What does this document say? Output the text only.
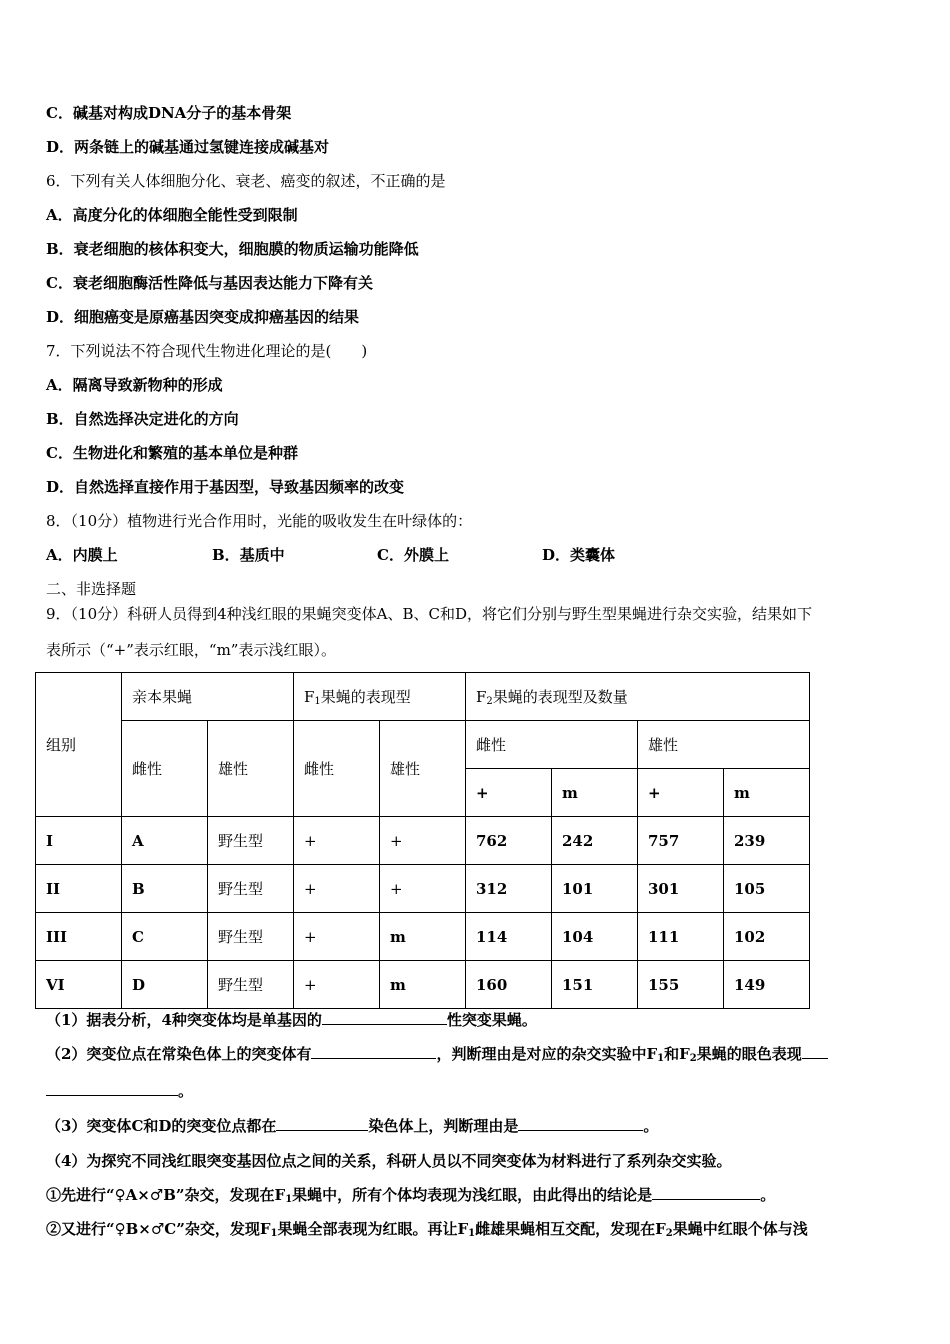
C．碱基对构成DNA分子的基本骨架
D．两条链上的碱基通过氢键连接成碱基对
6．下列有关人体细胞分化、衰老、癌变的叙述，不正确的是
A．高度分化的体细胞全能性受到限制
B．衰老细胞的核体积变大，细胞膜的物质运输功能降低
C．衰老细胞酶活性降低与基因表达能力下降有关
D．细胞癌变是原癌基因突变成抑癌基因的结果
7．下列说法不符合现代生物进化理论的是(　　)
A．隔离导致新物种的形成
B．自然选择决定进化的方向
C．生物进化和繁殖的基本单位是种群
D．自然选择直接作用于基因型，导致基因频率的改变
8．（10分）植物进行光合作用时，光能的吸收发生在叶绿体的：
A．内膜上	B．基质中	C．外膜上	D．类囊体
二、非选择题
9．（10分）科研人员得到4种浅红眼的果蝇突变体A、B、C和D，将它们分别与野生型果蝇进行杂交实验，结果如下
表所示（“+”表示红眼，“m”表示浅红眼）。
组别	亲本果蝇		$F_1$果蝇的表现型		$F_2$果蝇的表现型及数量			
	雌性	雄性	雌性	雄性	雌性		雄性	
					+	m	+	m
I	A	野生型	+	+	762	242	757	239
II	B	野生型	+	+	312	101	301	105
III	C	野生型	+	m	114	104	111	102
VI	D	野生型	+	m	160	151	155	149
（1）据表分析，4种突变体均是单基因的	性突变果蝇。
（2）突变位点在常染色体上的突变体有	，判断理由是对应的杂交实验中$F_1$和$F_2$果蝇的眼色表现
。
（3）突变体C和D的突变位点都在	染色体上，判断理由是	。
（4）为探究不同浅红眼突变基因位点之间的关系，科研人员以不同突变体为材料进行了系列杂交实验。
①先进行“♀A×♂B”杂交，发现在$F_1$果蝇中，所有个体均表现为浅红眼，由此得出的结论是	。
②又进行“♀B×♂C”杂交，发现$F_1$果蝇全部表现为红眼。再让$F_1$雌雄果蝇相互交配，发现在$F_2$果蝇中红眼个体与浅
